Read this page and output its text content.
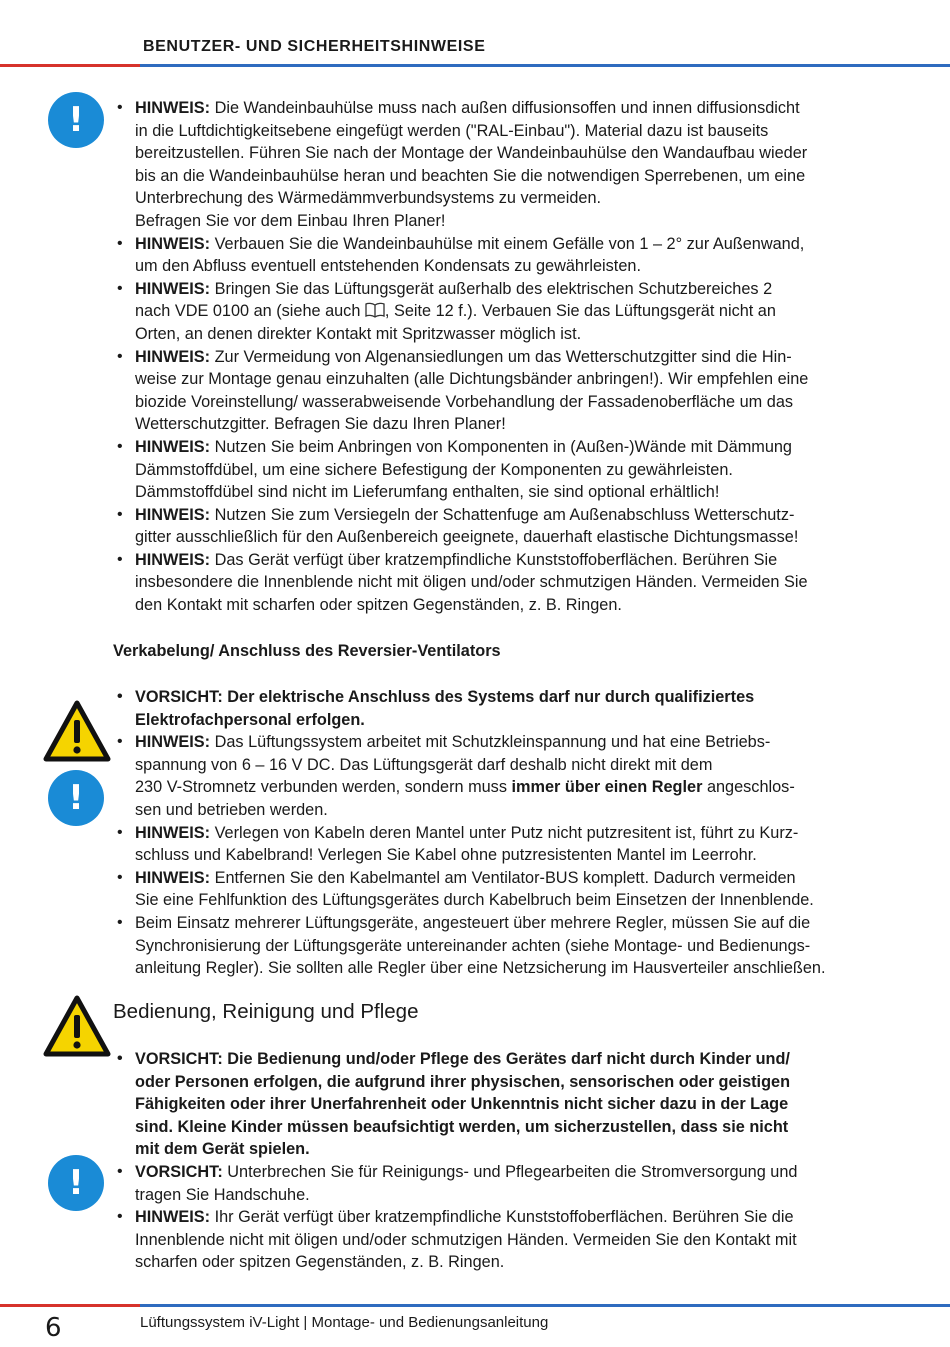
BENUTZER- UND SICHERHEITSHINWEISE
!
!
!
• HINWEIS: Die Wandeinbauhülse muss nach außen diffusionsoffen und innen diffusionsdicht
in die Luftdichtigkeitsebene eingefügt werden ("RAL-Einbau"). Material dazu ist bauseits
bereitzustellen. Führen Sie nach der Montage der Wandeinbauhülse den Wandaufbau wieder
bis an die Wandeinbauhülse heran und beachten Sie die notwendigen Sperrebenen, um eine
Unterbrechung des Wärmedämmverbundsystems zu vermeiden.
Befragen Sie vor dem Einbau Ihren Planer!
• HINWEIS: Verbauen Sie die Wandeinbauhülse mit einem Gefälle von 1 – 2° zur Außenwand,
um den Abfluss eventuell entstehenden Kondensats zu gewährleisten.
• HINWEIS: Bringen Sie das Lüftungsgerät außerhalb des elektrischen Schutzbereiches 2
nach VDE 0100 an (siehe auch , Seite 12 f.). Verbauen Sie das Lüftungsgerät nicht an
Orten, an denen direkter Kontakt mit Spritzwasser möglich ist.
• HINWEIS: Zur Vermeidung von Algenansiedlungen um das Wetterschutzgitter sind die Hin-
weise zur Montage genau einzuhalten (alle Dichtungsbänder anbringen!). Wir empfehlen eine
biozide Voreinstellung/ wasserabweisende Vorbehandlung der Fassadenoberfläche um das
Wetterschutzgitter. Befragen Sie dazu Ihren Planer!
• HINWEIS: Nutzen Sie beim Anbringen von Komponenten in (Außen-)Wände mit Dämmung
Dämmstoffdübel, um eine sichere Befestigung der Komponenten zu gewährleisten.
Dämmstoffdübel sind nicht im Lieferumfang enthalten, sie sind optional erhältlich!
• HINWEIS: Nutzen Sie zum Versiegeln der Schattenfuge am Außenabschluss Wetterschutz-
gitter ausschließlich für den Außenbereich geeignete, dauerhaft elastische Dichtungsmasse!
• HINWEIS: Das Gerät verfügt über kratzempfindliche Kunststoffoberflächen. Berühren Sie
insbesondere die Innenblende nicht mit öligen und/oder schmutzigen Händen. Vermeiden Sie
den Kontakt mit scharfen oder spitzen Gegenständen, z. B. Ringen.
Verkabelung/ Anschluss des Reversier-Ventilators
• VORSICHT: Der elektrische Anschluss des Systems darf nur durch qualifiziertes
Elektrofachpersonal erfolgen.
• HINWEIS: Das Lüftungssystem arbeitet mit Schutzkleinspannung und hat eine Betriebs-
spannung von 6 – 16 V DC. Das Lüftungsgerät darf deshalb nicht direkt mit dem
230 V-Stromnetz verbunden werden, sondern muss immer über einen Regler angeschlos-
sen und betrieben werden.
• HINWEIS: Verlegen von Kabeln deren Mantel unter Putz nicht putzresitent ist, führt zu Kurz-
schluss und Kabelbrand! Verlegen Sie Kabel ohne putzresistenten Mantel im Leerrohr.
• HINWEIS: Entfernen Sie den Kabelmantel am Ventilator-BUS komplett. Dadurch vermeiden
Sie eine Fehlfunktion des Lüftungsgerätes durch Kabelbruch beim Einsetzen der Innenblende.
• Beim Einsatz mehrerer Lüftungsgeräte, angesteuert über mehrere Regler, müssen Sie auf die
Synchronisierung der Lüftungsgeräte untereinander achten (siehe Montage- und Bedienungs-
anleitung Regler). Sie sollten alle Regler über eine Netzsicherung im Hausverteiler anschließen.
Bedienung, Reinigung und Pflege
• VORSICHT: Die Bedienung und/oder Pflege des Gerätes darf nicht durch Kinder und/
oder Personen erfolgen, die aufgrund ihrer physischen, sensorischen oder geistigen
Fähigkeiten oder ihrer Unerfahrenheit oder Unkenntnis nicht sicher dazu in der Lage
sind. Kleine Kinder müssen beaufsichtigt werden, um sicherzustellen, dass sie nicht
mit dem Gerät spielen.
• VORSICHT: Unterbrechen Sie für Reinigungs- und Pflegearbeiten die Stromversorgung und
tragen Sie Handschuhe.
• HINWEIS: Ihr Gerät verfügt über kratzempfindliche Kunststoffoberflächen. Berühren Sie die
Innenblende nicht mit öligen und/oder schmutzigen Händen. Vermeiden Sie den Kontakt mit
scharfen oder spitzen Gegenständen, z. B. Ringen.
6	Lüftungssystem iV-Light | Montage- und Bedienungsanleitung
